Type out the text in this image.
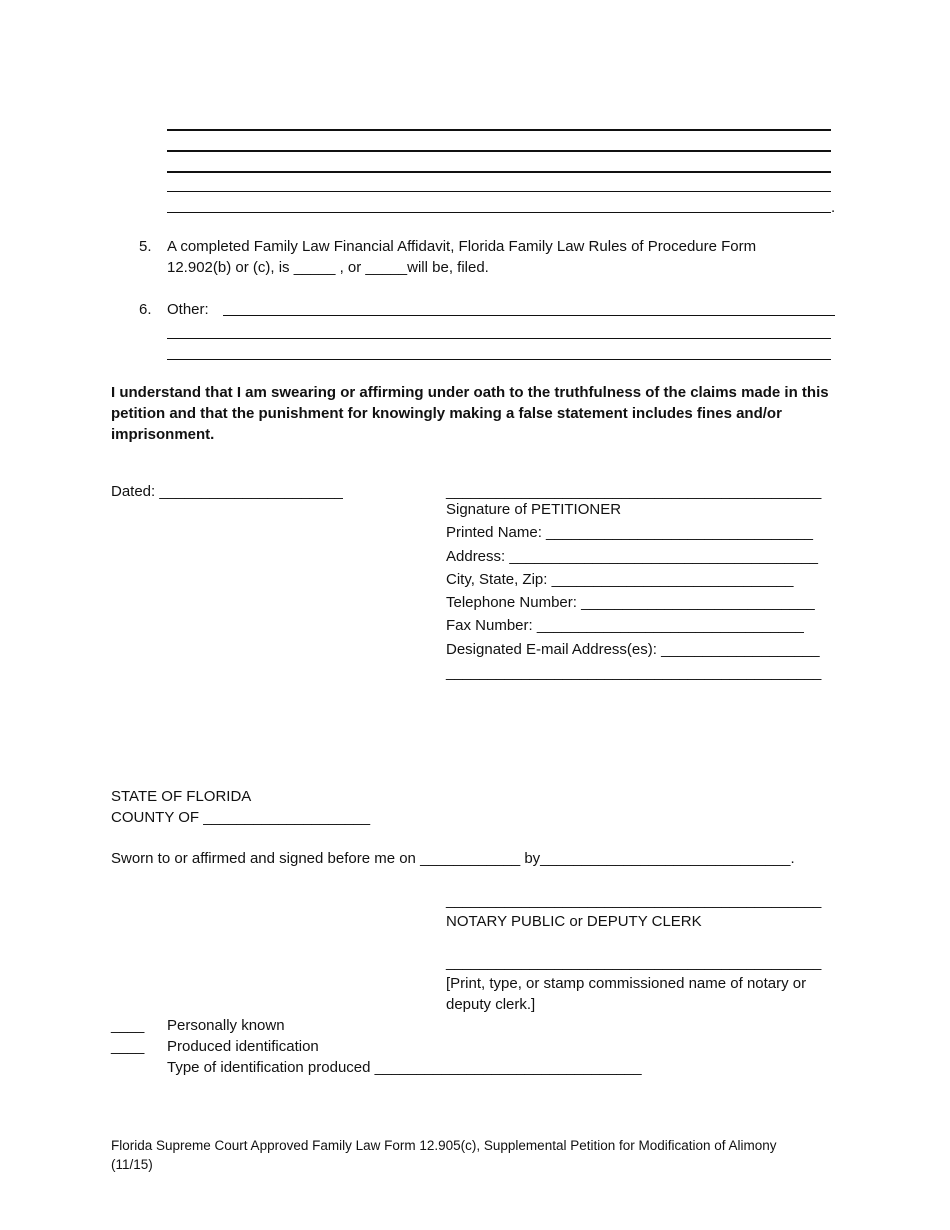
.
5. A completed Family Law Financial Affidavit, Florida Family Law Rules of Procedure Form
12.902(b) or (c), is _____ , or _____will be, filed.
6. Other:
I understand that I am swearing or affirming under oath to the truthfulness of the claims made in this
petition and that the punishment for knowingly making a false statement includes fines and/or
imprisonment.
Dated: ______________________	_____________________________________________
Signature of PETITIONER
Printed Name: ________________________________
Address: _____________________________________
City, State, Zip: _____________________________
Telephone Number: ____________________________
Fax Number: ________________________________
Designated E-mail Address(es): ___________________
_____________________________________________
STATE OF FLORIDA
COUNTY OF ____________________
Sworn to or affirmed and signed before me on ____________ by______________________________.
_____________________________________________
NOTARY PUBLIC or DEPUTY CLERK
_____________________________________________
[Print, type, or stamp commissioned name of notary or
deputy clerk.]
____ Personally known
____ Produced identification
Type of identification produced ________________________________
Florida Supreme Court Approved Family Law Form 12.905(c), Supplemental Petition for Modification of Alimony
(11/15)
